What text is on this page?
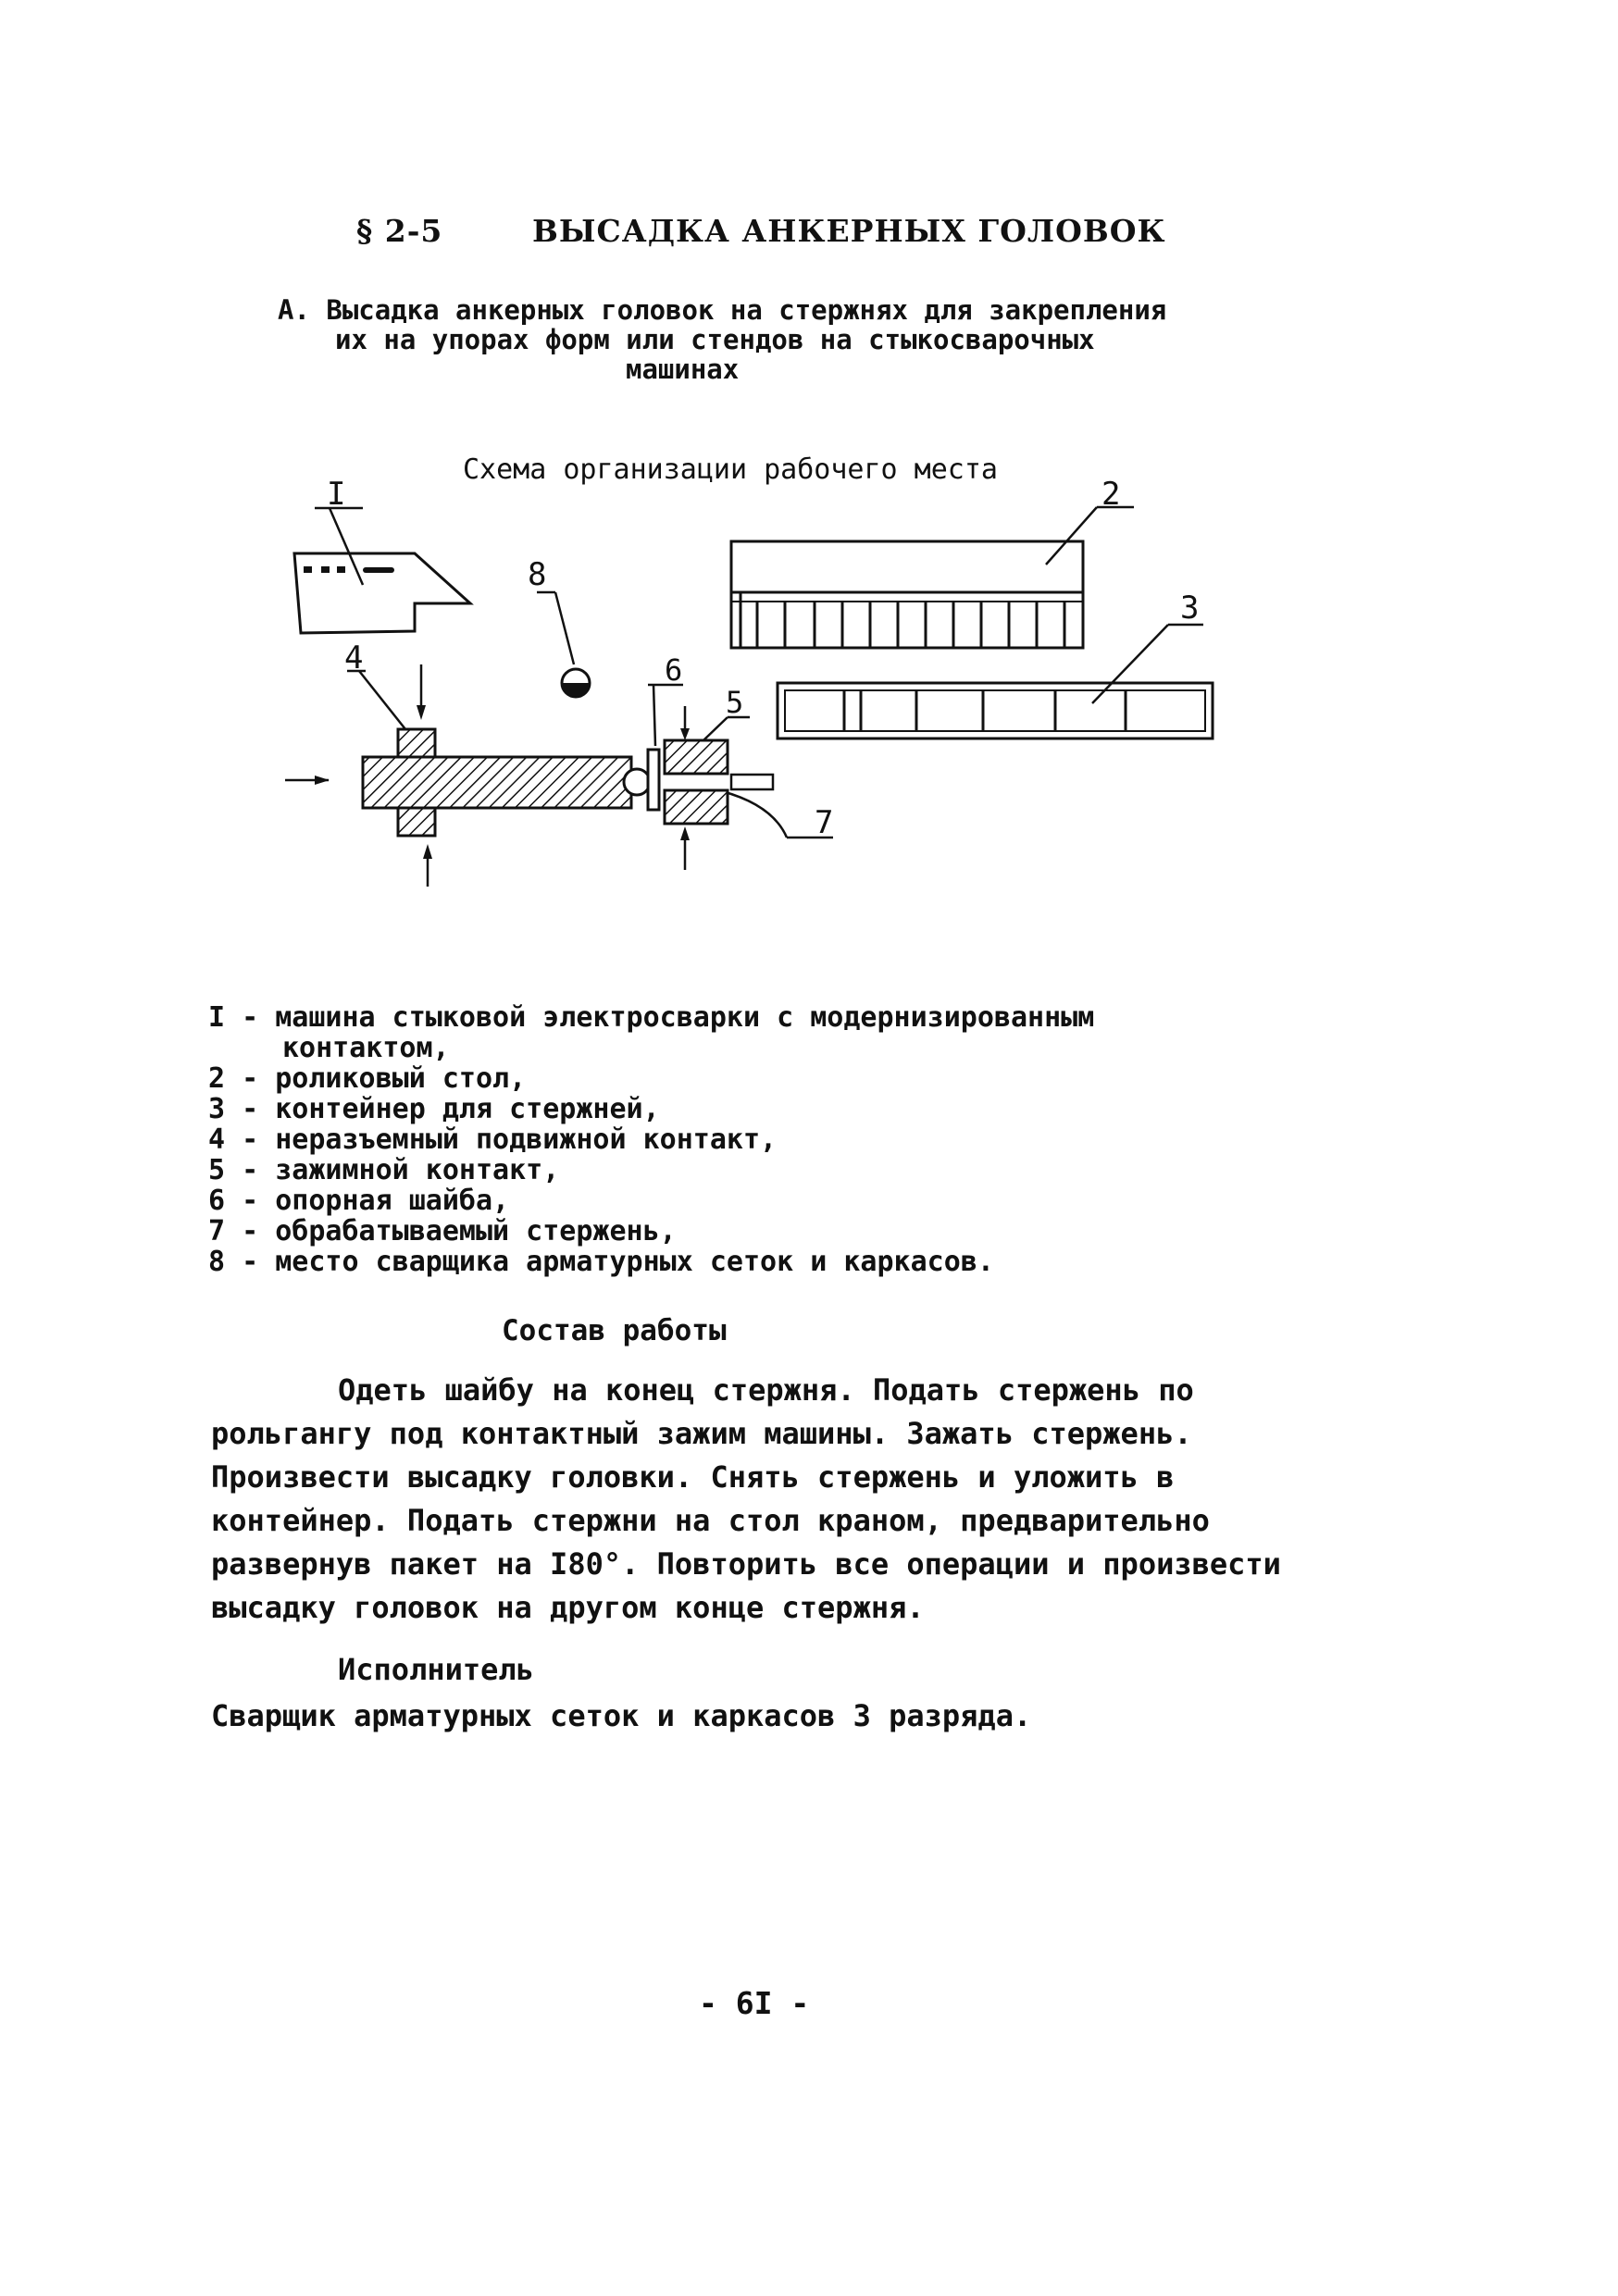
§ 2-5	ВЫСАДКА АНКЕРНЫХ ГОЛОВОК
А. Высадка анкерных головок на стержнях для закрепления
их на упорах форм или стендов на стыкосварочных
машинах
Схема организации рабочего места
I	2
3
8
4
7
6
5
I - машина стыковой электросварки с модернизированным
контактом,
2 - роликовый стол,
3 - контейнер для стержней,
4 - неразъемный подвижной контакт,
5 - зажимной контакт,
6 - опорная шайба,
7 - обрабатываемый стержень,
8 - место сварщика арматурных сеток и каркасов.
Состав работы
Одеть шайбу на конец стержня. Подать стержень по
рольгангу под контактный зажим машины. Зажать стержень.
Произвести высадку головки. Снять стержень и уложить в
контейнер. Подать стержни на стол краном, предварительно
развернув пакет на I80°. Повторить все операции и произвести
высадку головок на другом конце стержня.
Исполнитель
Сварщик арматурных сеток и каркасов 3 разряда.
- 6I -
